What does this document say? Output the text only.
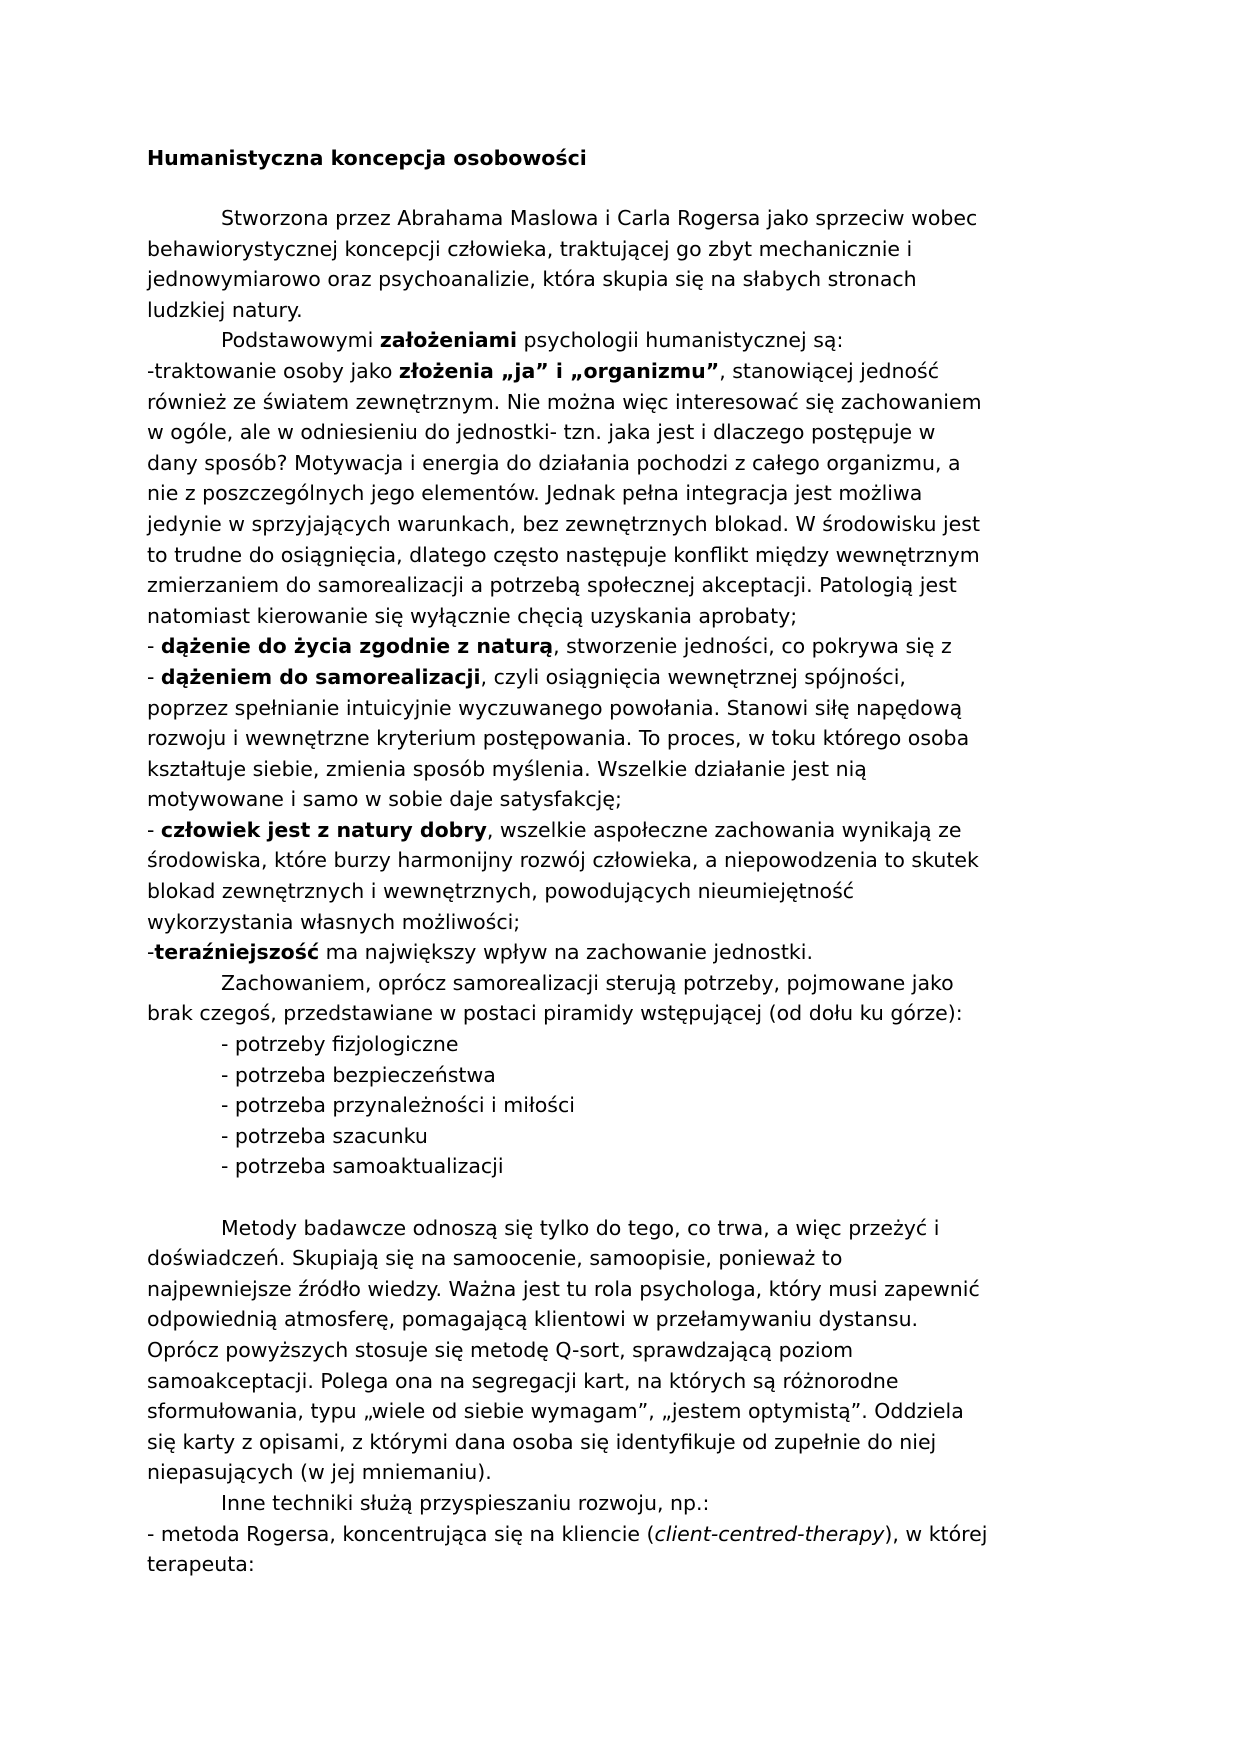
Humanistyczna koncepcja osobowości

Stworzona przez Abrahama Maslowa i Carla Rogersa jako sprzeciw wobec

behawiorystycznej koncepcji człowieka, traktującej go zbyt mechanicznie i

jednowymiarowo oraz psychoanalizie, która skupia się na słabych stronach

ludzkiej natury.

Podstawowymi założeniami psychologii humanistycznej są:

-traktowanie osoby jako złożenia „ja” i „organizmu”, stanowiącej jedność

również ze światem zewnętrznym. Nie można więc interesować się zachowaniem

w ogóle, ale w odniesieniu do jednostki- tzn. jaka jest i dlaczego postępuje w

dany sposób? Motywacja i energia do działania pochodzi z całego organizmu, a

nie z poszczególnych jego elementów. Jednak pełna integracja jest możliwa

jedynie w sprzyjających warunkach, bez zewnętrznych blokad. W środowisku jest

to trudne do osiągnięcia, dlatego często następuje konflikt między wewnętrznym

zmierzaniem do samorealizacji a potrzebą społecznej akceptacji. Patologią jest

natomiast kierowanie się wyłącznie chęcią uzyskania aprobaty;

- dążenie do życia zgodnie z naturą, stworzenie jedności, co pokrywa się z

- dążeniem do samorealizacji, czyli osiągnięcia wewnętrznej spójności,

poprzez spełnianie intuicyjnie wyczuwanego powołania. Stanowi siłę napędową

rozwoju i wewnętrzne kryterium postępowania. To proces, w toku którego osoba

kształtuje siebie, zmienia sposób myślenia. Wszelkie działanie jest nią

motywowane i samo w sobie daje satysfakcję;

- człowiek jest z natury dobry, wszelkie aspołeczne zachowania wynikają ze

środowiska, które burzy harmonijny rozwój człowieka, a niepowodzenia to skutek

blokad zewnętrznych i wewnętrznych, powodujących nieumiejętność

wykorzystania własnych możliwości;

-teraźniejszość ma największy wpływ na zachowanie jednostki.

Zachowaniem, oprócz samorealizacji sterują potrzeby, pojmowane jako

brak czegoś, przedstawiane w postaci piramidy wstępującej (od dołu ku górze):

- potrzeby fizjologiczne

- potrzeba bezpieczeństwa

- potrzeba przynależności i miłości

- potrzeba szacunku

- potrzeba samoaktualizacji

Metody badawcze odnoszą się tylko do tego, co trwa, a więc przeżyć i

doświadczeń. Skupiają się na samoocenie, samoopisie, ponieważ to

najpewniejsze źródło wiedzy. Ważna jest tu rola psychologa, który musi zapewnić

odpowiednią atmosferę, pomagającą klientowi w przełamywaniu dystansu.

Oprócz powyższych stosuje się metodę Q-sort, sprawdzającą poziom

samoakceptacji. Polega ona na segregacji kart, na których są różnorodne

sformułowania, typu „wiele od siebie wymagam”, „jestem optymistą”. Oddziela

się karty z opisami, z którymi dana osoba się identyfikuje od zupełnie do niej

niepasujących (w jej mniemaniu).

Inne techniki służą przyspieszaniu rozwoju, np.:

- metoda Rogersa, koncentrująca się na kliencie (client-centred-therapy), w której

terapeuta:
